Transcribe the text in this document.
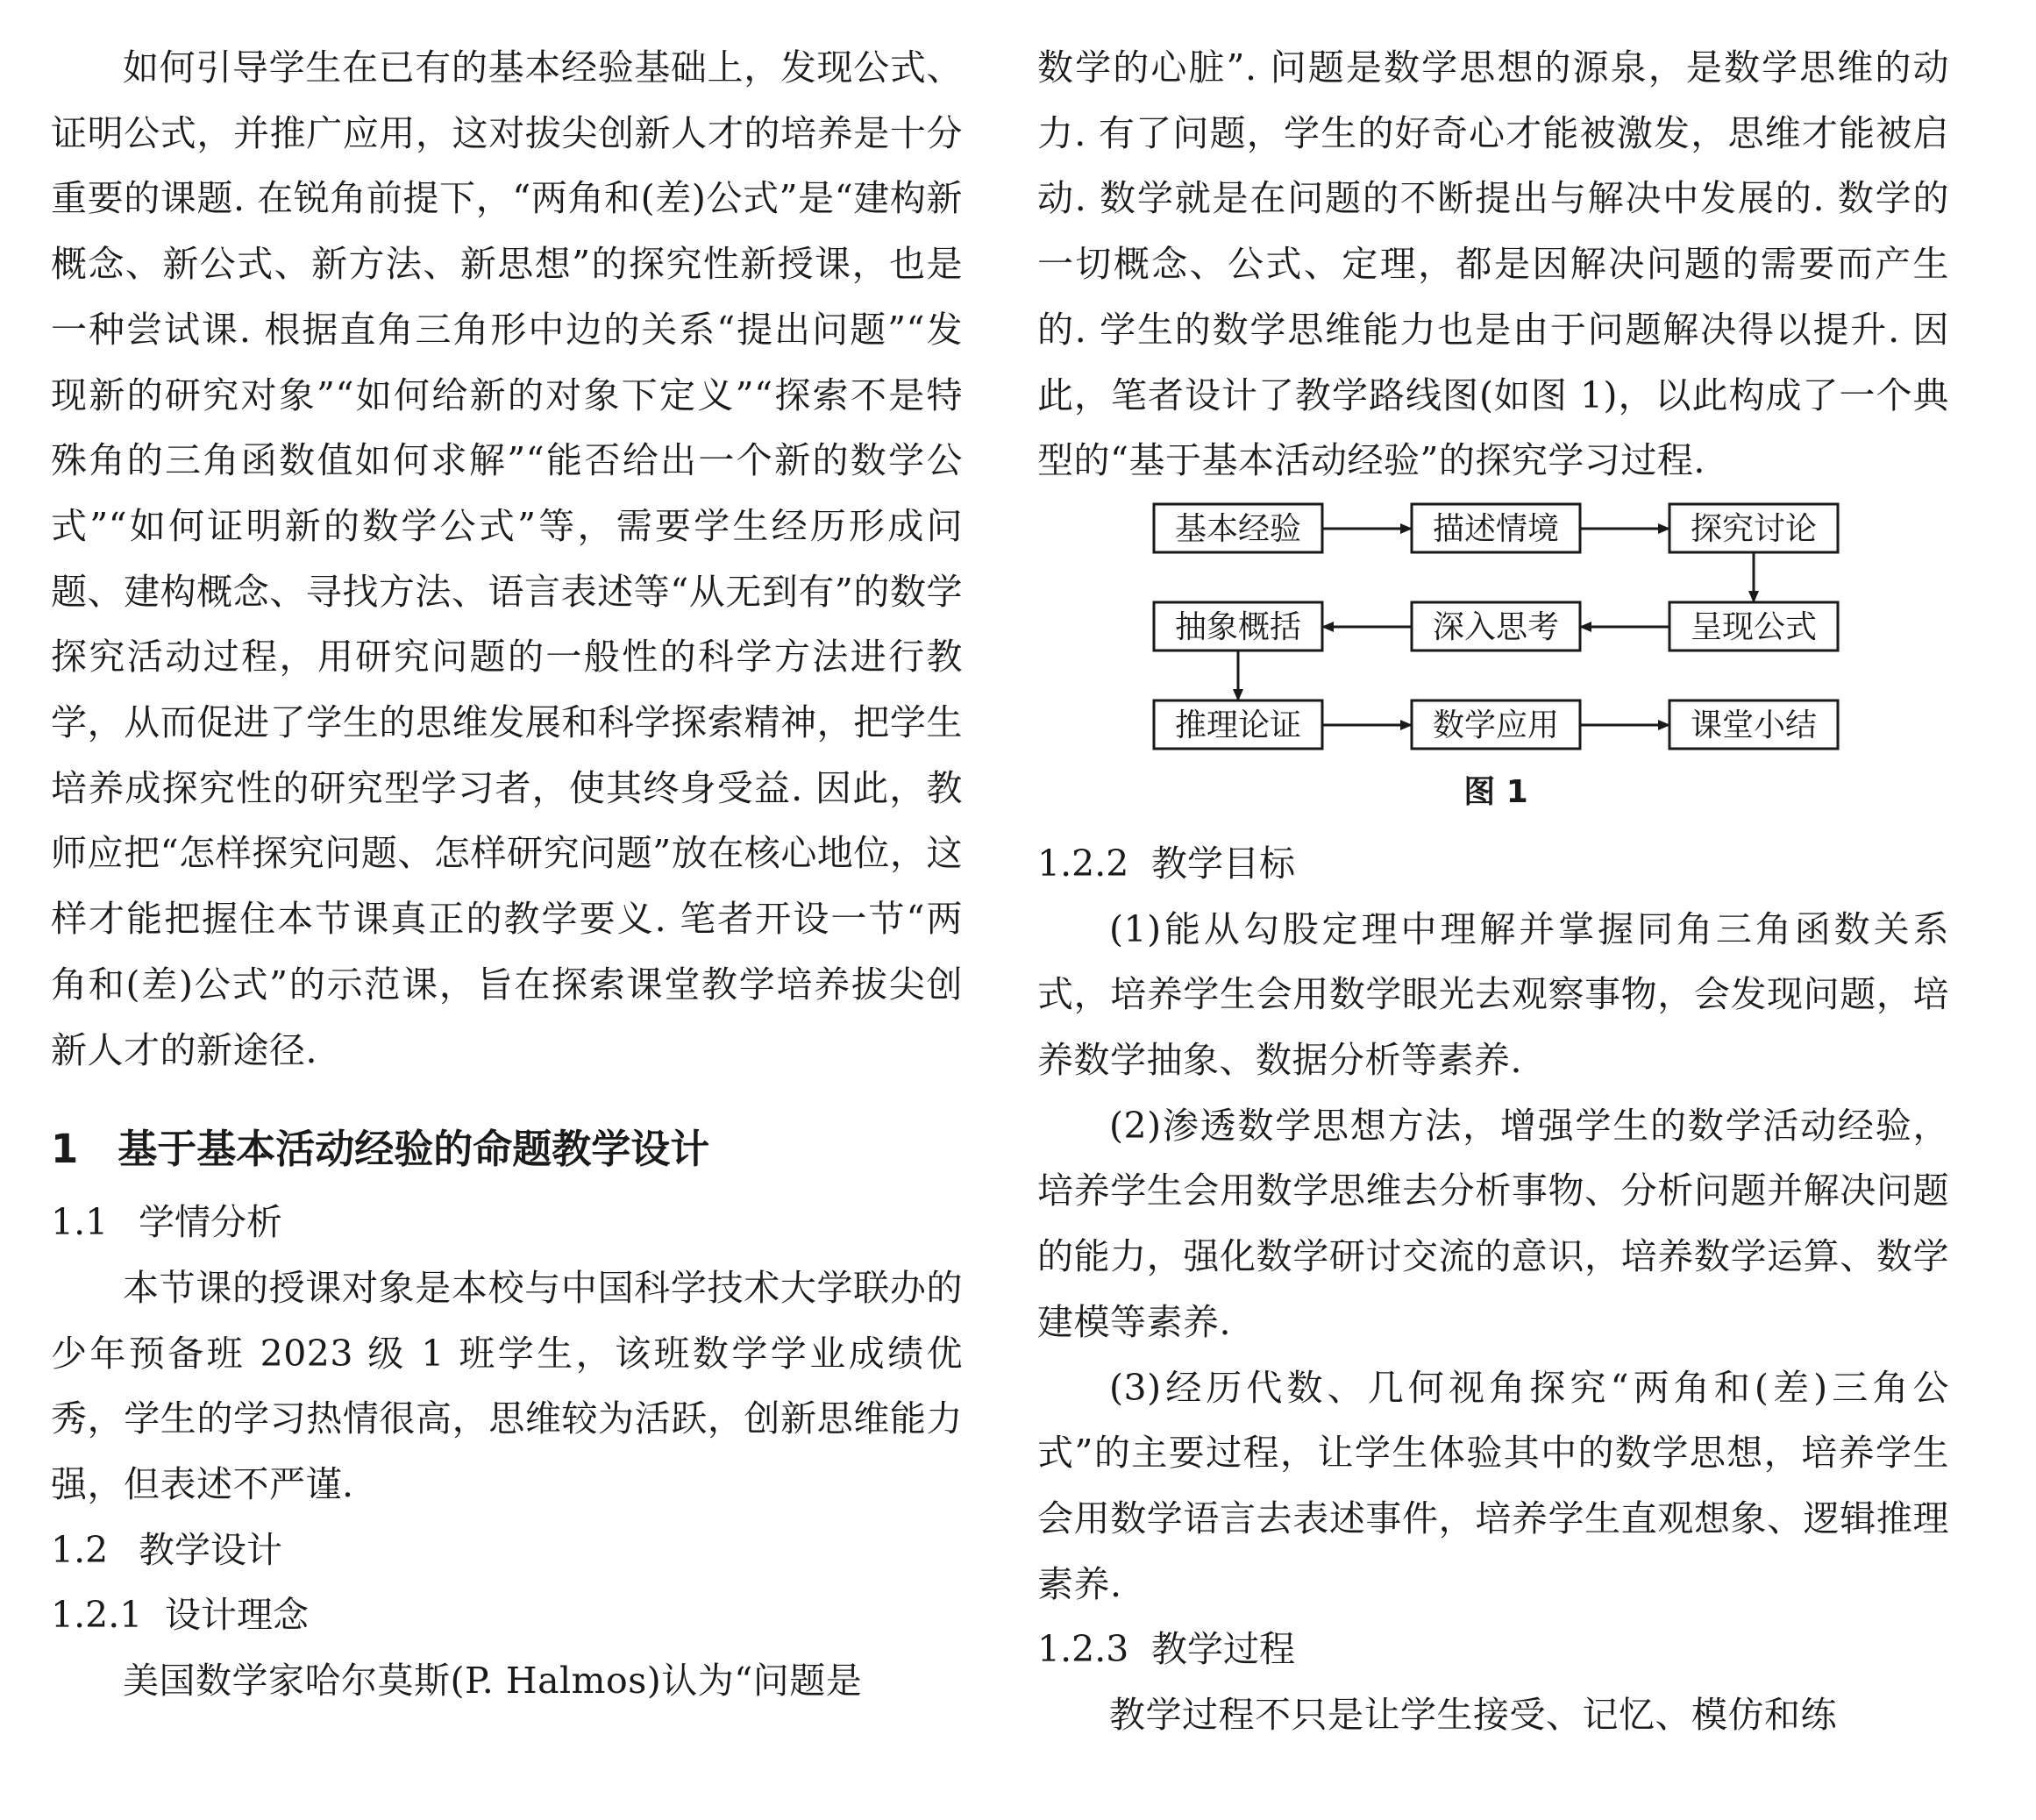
如何引导学生在已有的基本经验基础上，发现公式、证明公式，并推广应用，这对拔尖创新人才的培养是十分重要的课题. 在锐角前提下，“两角和(差)公式”是“建构新概念、新公式、新方法、新思想”的探究性新授课，也是一种尝试课. 根据直角三角形中边的关系“提出问题”“发现新的研究对象”“如何给新的对象下定义”“探索不是特殊角的三角函数值如何求解”“能否给出一个新的数学公式”“如何证明新的数学公式”等，需要学生经历形成问题、建构概念、寻找方法、语言表述等“从无到有”的数学探究活动过程，用研究问题的一般性的科学方法进行教学，从而促进了学生的思维发展和科学探索精神，把学生培养成探究性的研究型学习者，使其终身受益. 因此，教师应把“怎样探究问题、怎样研究问题”放在核心地位，这样才能把握住本节课真正的教学要义. 笔者开设一节“两角和(差)公式”的示范课，旨在探索课堂教学培养拔尖创新人才的新途径.

1　基于基本活动经验的命题教学设计
1.1 学情分析

本节课的授课对象是本校与中国科学技术大学联办的少年预备班 2023 级 1 班学生，该班数学学业成绩优秀，学生的学习热情很高，思维较为活跃，创新思维能力强，但表述不严谨.

1.2 教学设计
1.2.1 设计理念

美国数学家哈尔莫斯(P. Halmos)认为“问题是

数学的心脏”. 问题是数学思想的源泉，是数学思维的动力. 有了问题，学生的好奇心才能被激发，思维才能被启动. 数学就是在问题的不断提出与解决中发展的. 数学的一切概念、公式、定理，都是因解决问题的需要而产生的. 学生的数学思维能力也是由于问题解决得以提升. 因此，笔者设计了教学路线图(如图 1)，以此构成了一个典型的“基于基本活动经验”的探究学习过程.

基本经验	描述情境	探究讨论
抽象概括	深入思考	呈现公式
推理论证	数学应用	课堂小结
图 1
1.2.2 教学目标

(1)能从勾股定理中理解并掌握同角三角函数关系式，培养学生会用数学眼光去观察事物，会发现问题，培养数学抽象、数据分析等素养.

(2)渗透数学思想方法，增强学生的数学活动经验，培养学生会用数学思维去分析事物、分析问题并解决问题的能力，强化数学研讨交流的意识，培养数学运算、数学建模等素养.

(3)经历代数、几何视角探究“两角和(差)三角公式”的主要过程，让学生体验其中的数学思想，培养学生会用数学语言去表述事件，培养学生直观想象、逻辑推理素养.

1.2.3 教学过程

教学过程不只是让学生接受、记忆、模仿和练
